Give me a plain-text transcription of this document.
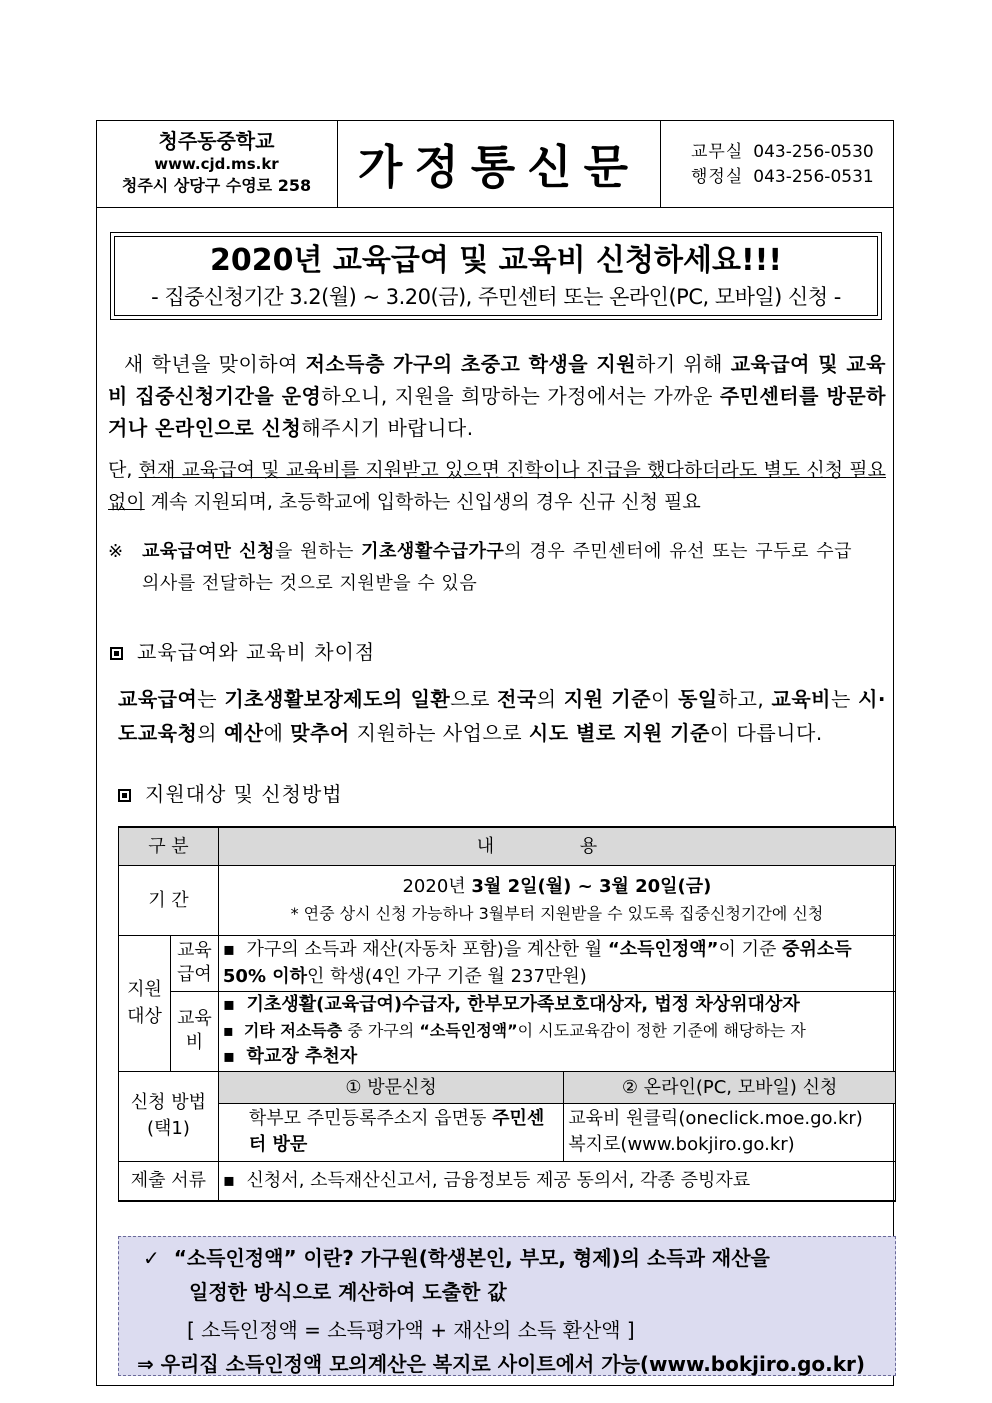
청주동중학교
www.cjd.ms.kr
청주시 상당구 수영로 258	가정통신문	교무실 043-256-0530
행정실 043-256-0531
2020년 교육급여 및 교육비 신청하세요!!!
- 집중신청기간 3.2(월) ~ 3.20(금), 주민센터 또는 온라인(PC, 모바일) 신청 -
새 학년을 맞이하여 저소득층 가구의 초중고 학생을 지원하기 위해 교육급여 및 교육비 집중신청기간을 운영하오니, 지원을 희망하는 가정에서는 가까운 주민센터를 방문하거나 온라인으로 신청해주시기 바랍니다.
단, 현재 교육급여 및 교육비를 지원받고 있으면 진학이나 진급을 했다하더라도 별도 신청 필요없이 계속 지원되며, 초등학교에 입학하는 신입생의 경우 신규 신청 필요
※ 교육급여만 신청을 원하는 기초생활수급가구의 경우 주민센터에 유선 또는 구두로 수급의사를 전달하는 것으로 지원받을 수 있음
교육급여와 교육비 차이점
교육급여는 기초생활보장제도의 일환으로 전국의 지원 기준이 동일하고, 교육비는 시·도교육청의 예산에 맞추어 지원하는 사업으로 시도 별로 지원 기준이 다릅니다.
지원대상 및 신청방법
구 분		내 용	
기 간		2020년 3월 2일(월) ~ 3월 20일(금)
* 연중 상시 신청 가능하나 3월부터 지원받을 수 있도록 집중신청기간에 신청	

지원 대상	교육 급여	▪ 가구의 소득과 재산(자동차 포함)을 계산한 월 “소득인정액”이 기준 중위소득 50% 이하인 학생(4인 가구 기준 월 237만원)	
	교육 비	▪ 기초생활(교육급여)수급자, 한부모가족보호대상자, 법정 차상위대상자
▪ 기타 저소득층 중 가구의 “소득인정액”이 시도교육감이 정한 기준에 해당하는 자
▪ 학교장 추천자	

신청 방법 (택1)		① 방문신청	② 온라인(PC, 모바일) 신청
		학부모 주민등록주소지 읍면동 주민센터 방문	교육비 원클릭(oneclick.moe.go.kr)
복지로(www.bokjiro.go.kr)

제출 서류		▪ 신청서, 소득재산신고서, 금융정보등 제공 동의서, 각종 증빙자료	
✓ “소득인정액” 이란? 가구원(학생본인, 부모, 형제)의 소득과 재산을
일정한 방식으로 계산하여 도출한 값
[ 소득인정액 = 소득평가액 + 재산의 소득 환산액 ]
⇒ 우리집 소득인정액 모의계산은 복지로 사이트에서 가능(www.bokjiro.go.kr)
